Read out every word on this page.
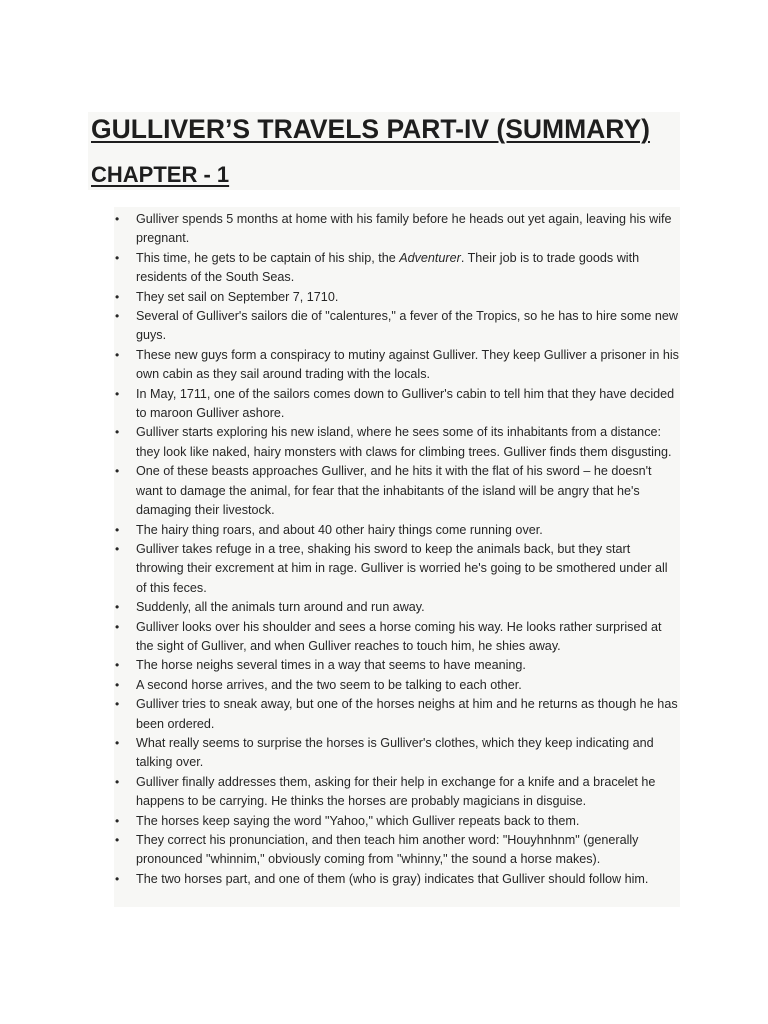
GULLIVER’S TRAVELS PART-IV (SUMMARY)
CHAPTER - 1
•	Gulliver spends 5 months at home with his family before he heads out yet again, leaving his wife pregnant.
•	This time, he gets to be captain of his ship, the Adventurer. Their job is to trade goods with residents of the South Seas.
•	They set sail on September 7, 1710.
•	Several of Gulliver's sailors die of "calentures," a fever of the Tropics, so he has to hire some new guys.
•	These new guys form a conspiracy to mutiny against Gulliver. They keep Gulliver a prisoner in his own cabin as they sail around trading with the locals.
•	In May, 1711, one of the sailors comes down to Gulliver's cabin to tell him that they have decided to maroon Gulliver ashore.
•	Gulliver starts exploring his new island, where he sees some of its inhabitants from a distance: they look like naked, hairy monsters with claws for climbing trees. Gulliver finds them disgusting.
•	One of these beasts approaches Gulliver, and he hits it with the flat of his sword – he doesn't want to damage the animal, for fear that the inhabitants of the island will be angry that he's damaging their livestock.
•	The hairy thing roars, and about 40 other hairy things come running over.
•	Gulliver takes refuge in a tree, shaking his sword to keep the animals back, but they start throwing their excrement at him in rage. Gulliver is worried he's going to be smothered under all of this feces.
•	Suddenly, all the animals turn around and run away.
•	Gulliver looks over his shoulder and sees a horse coming his way. He looks rather surprised at the sight of Gulliver, and when Gulliver reaches to touch him, he shies away.
•	The horse neighs several times in a way that seems to have meaning.
•	A second horse arrives, and the two seem to be talking to each other.
•	Gulliver tries to sneak away, but one of the horses neighs at him and he returns as though he has been ordered.
•	What really seems to surprise the horses is Gulliver's clothes, which they keep indicating and talking over.
•	Gulliver finally addresses them, asking for their help in exchange for a knife and a bracelet he happens to be carrying. He thinks the horses are probably magicians in disguise.
•	The horses keep saying the word "Yahoo," which Gulliver repeats back to them.
•	They correct his pronunciation, and then teach him another word: "Houyhnhnm" (generally pronounced "whinnim," obviously coming from "whinny," the sound a horse makes).
•	The two horses part, and one of them (who is gray) indicates that Gulliver should follow him.
